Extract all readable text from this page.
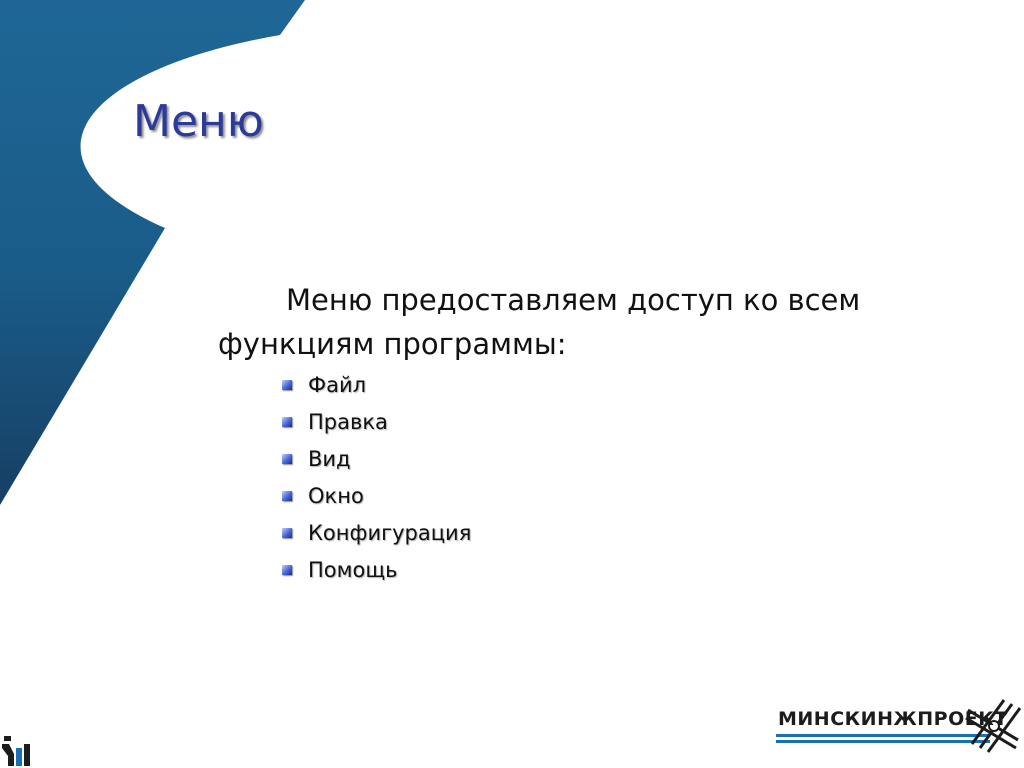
Меню

Меню предоставляем доступ ко всем функциям программы:

Файл
Правка
Вид
Окно
Конфигурация
Помощь
МИНСКИНЖПРОЕКТ
